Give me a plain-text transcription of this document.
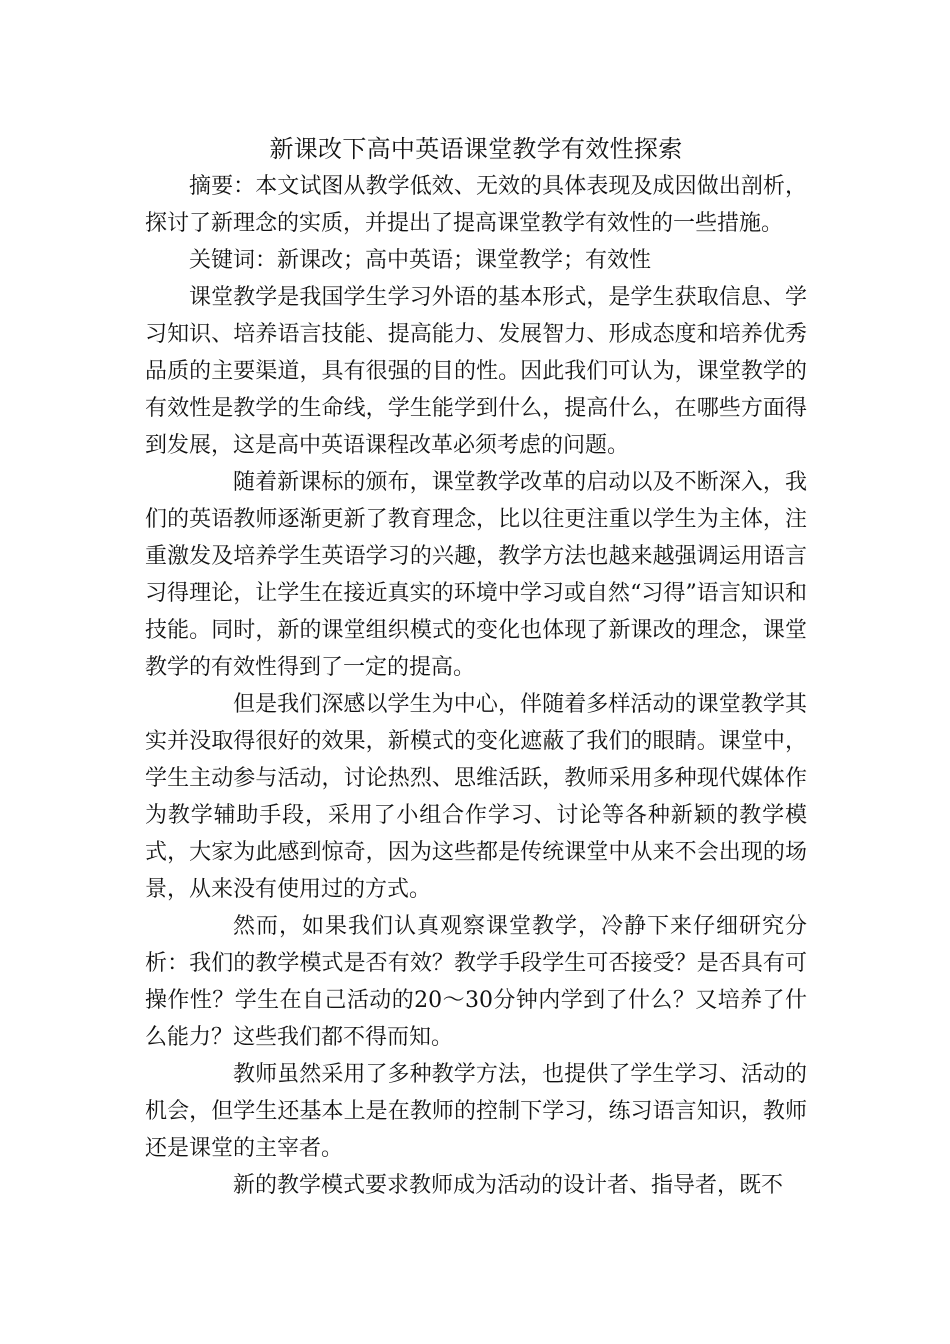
新课改下高中英语课堂教学有效性探索

摘要：本文试图从教学低效、无效的具体表现及成因做出剖析，探讨了新理念的实质，并提出了提高课堂教学有效性的一些措施。

关键词：新课改；高中英语；课堂教学；有效性

课堂教学是我国学生学习外语的基本形式，是学生获取信息、学习知识、培养语言技能、提高能力、发展智力、形成态度和培养优秀品质的主要渠道，具有很强的目的性。因此我们可认为，课堂教学的有效性是教学的生命线，学生能学到什么，提高什么，在哪些方面得到发展，这是高中英语课程改革必须考虑的问题。

随着新课标的颁布，课堂教学改革的启动以及不断深入，我们的英语教师逐渐更新了教育理念，比以往更注重以学生为主体，注重激发及培养学生英语学习的兴趣，教学方法也越来越强调运用语言习得理论，让学生在接近真实的环境中学习或自然“习得”语言知识和技能。同时，新的课堂组织模式的变化也体现了新课改的理念，课堂教学的有效性得到了一定的提高。

但是我们深感以学生为中心，伴随着多样活动的课堂教学其实并没取得很好的效果，新模式的变化遮蔽了我们的眼睛。课堂中，学生主动参与活动，讨论热烈、思维活跃，教师采用多种现代媒体作为教学辅助手段，采用了小组合作学习、讨论等各种新颖的教学模式，大家为此感到惊奇，因为这些都是传统课堂中从来不会出现的场景，从来没有使用过的方式。

然而，如果我们认真观察课堂教学，冷静下来仔细研究分析：我们的教学模式是否有效？教学手段学生可否接受？是否具有可操作性？学生在自己活动的20～30分钟内学到了什么？又培养了什么能力？这些我们都不得而知。

教师虽然采用了多种教学方法，也提供了学生学习、活动的机会，但学生还基本上是在教师的控制下学习，练习语言知识，教师还是课堂的主宰者。

新的教学模式要求教师成为活动的设计者、指导者，既不
